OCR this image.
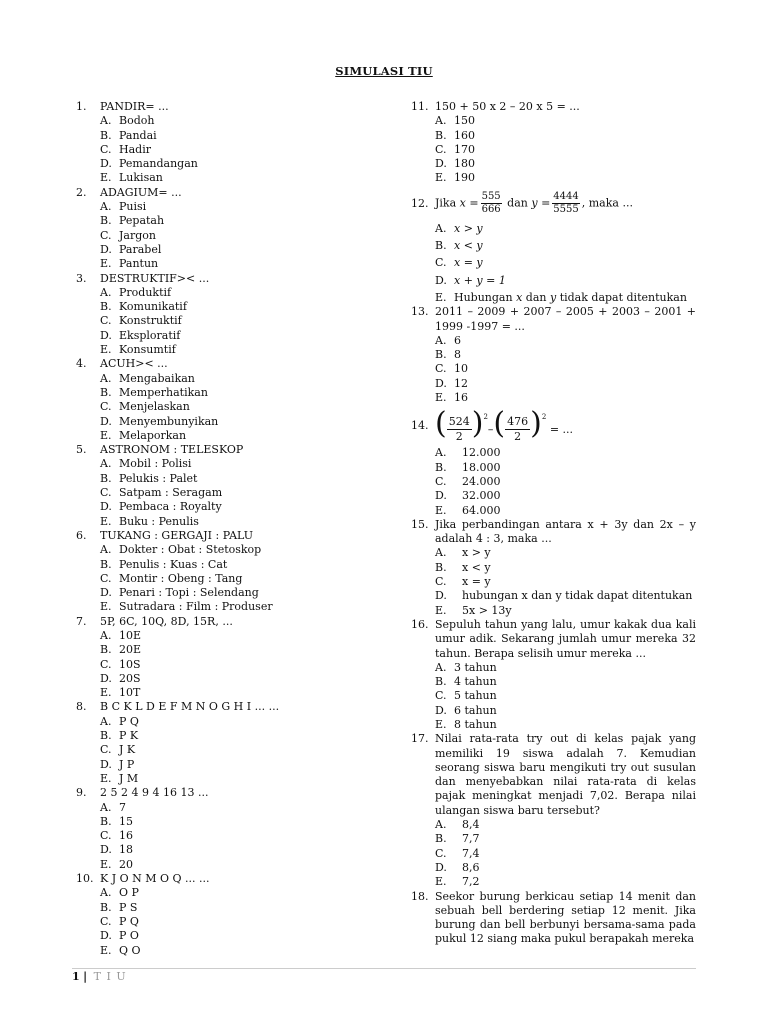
SIMULASI TIU
1.	PANDIR= ...
A. Bodoh
B. Pandai
C. Hadir
D. Pemandangan
E. Lukisan
2.	ADAGIUM= ...
A. Puisi
B. Pepatah
C. Jargon
D. Parabel
E. Pantun
3.	DESTRUKTIF>< ...
A. Produktif
B. Komunikatif
C. Konstruktif
D. Eksploratif
E. Konsumtif
4.	ACUH>< ...
A. Mengabaikan
B. Memperhatikan
C. Menjelaskan
D. Menyembunyikan
E. Melaporkan
5.	ASTRONOM : TELESKOP
A. Mobil : Polisi
B. Pelukis : Palet
C. Satpam : Seragam
D. Pembaca : Royalty
E. Buku : Penulis
6.	TUKANG : GERGAJI : PALU
A. Dokter : Obat : Stetoskop
B. Penulis : Kuas : Cat
C. Montir : Obeng : Tang
D. Penari : Topi : Selendang
E. Sutradara : Film : Produser
7.	5P, 6C, 10Q, 8D, 15R, ...
A. 10E
B. 20E
C. 10S
D. 20S
E. 10T
8.	B C K L D E F M N O G H I ... ...
A. P Q
B. P K
C. J K
D. J P
E. J M
9.	2 5 2 4 9 4 16 13 ...
A. 7
B. 15
C. 16
D. 18
E. 20
10. K J O N M O Q ... ...
A. O P
B. P S
C. P Q
D. P O
E. Q O
11. 150 + 50 x 2 – 20 x 5 = ...
A. 150
B. 160
C. 170
D. 180
E. 190
12. Jika $x = \frac{555}{666}$ dan $y = \frac{4444}{5555}$ , maka ...
A. x > y
B. x < y
C. x = y
D. x + y = 1
E. Hubungan x dan y tidak dapat ditentukan
13. 2011 – 2009 + 2007 – 2005 + 2003 – 2001 + 1999 -1997 = ...
A. 6
B. 8
C. 10
D. 12
E. 16
14. ( $\frac{524}{2} )^2-( \frac{476}{2} )^2$ = ...
A.	12.000
B.	18.000
C.	24.000
D.	32.000
E.	64.000
15. Jika perbandingan antara x + 3y dan 2x – y adalah 4 : 3, maka ...
A.	x > y
B.	x < y
C.	x = y
D.	hubungan x dan y tidak dapat ditentukan
E.	5x > 13y
16. Sepuluh tahun yang lalu, umur kakak dua kali umur adik. Sekarang jumlah umur mereka 32 tahun. Berapa selisih umur mereka ...
A. 3 tahun
B. 4 tahun
C. 5 tahun
D. 6 tahun
E. 8 tahun
17. Nilai rata-rata try out di kelas pajak yang memiliki 19 siswa adalah 7. Kemudian seorang siswa baru mengikuti try out susulan dan menyebabkan nilai rata-rata di kelas pajak meningkat menjadi 7,02. Berapa nilai ulangan siswa baru tersebut?
A.	8,4
B.	7,7
C.	7,4
D.	8,6
E.	7,2
18. Seekor burung berkicau setiap 14 menit dan sebuah bell berdering setiap 12 menit. Jika burung dan bell berbunyi bersama-sama pada pukul 12 siang maka pukul berapakah mereka
1 | T I U
